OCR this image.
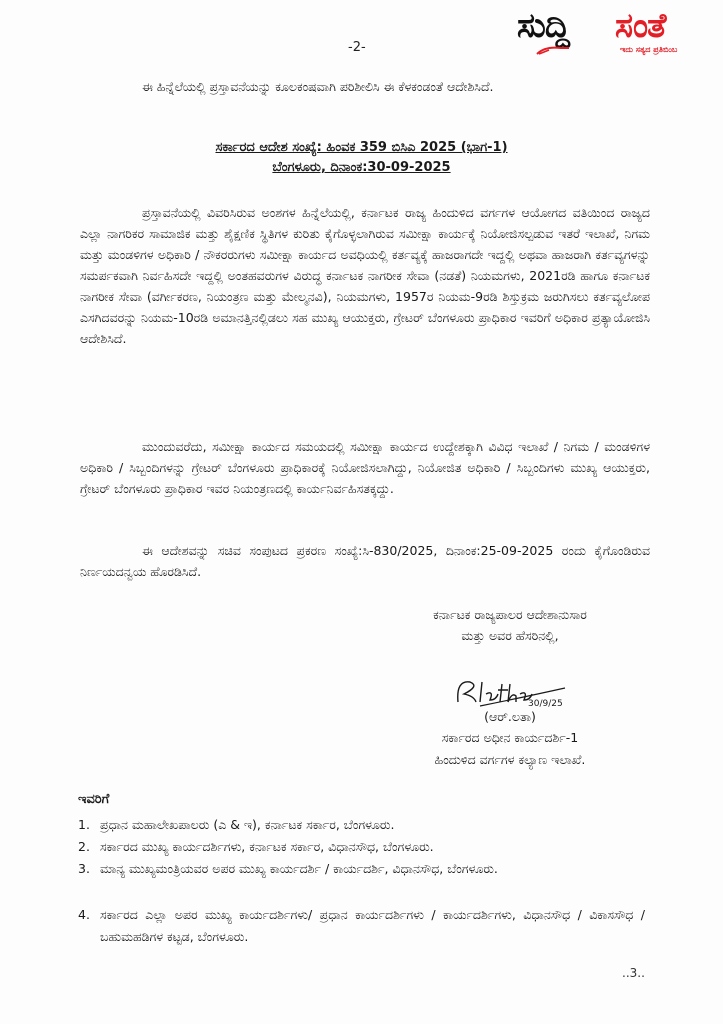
ಸುದ್ದಿ ಸಂತೆ
ಇದು ಸತ್ಯದ ಪ್ರತಿಬಿಂಬ
-2-
ಈ ಹಿನ್ನೆಲೆಯಲ್ಲಿ ಪ್ರಸ್ತಾವನೆಯನ್ನು ಕೂಲಕಂಷವಾಗಿ ಪರಿಶೀಲಿಸಿ ಈ ಕೆಳಕಂಡಂತೆ ಆದೇಶಿಸಿದೆ.
ಸರ್ಕಾರದ ಆದೇಶ ಸಂಖ್ಯೆ: ಹಿಂವಕ 359 ಬಿಸಿಎ 2025 (ಭಾಗ-1)
ಬೆಂಗಳೂರು, ದಿನಾಂಕ:30-09-2025
ಪ್ರಸ್ತಾವನೆಯಲ್ಲಿ ವಿವರಿಸಿರುವ ಅಂಶಗಳ ಹಿನ್ನೆಲೆಯಲ್ಲಿ, ಕರ್ನಾಟಕ ರಾಜ್ಯ ಹಿಂದುಳಿದ ವರ್ಗಗಳ ಆಯೋಗದ ವತಿಯಿಂದ ರಾಜ್ಯದ ಎಲ್ಲಾ ನಾಗರಿಕರ ಸಾಮಾಜಿಕ ಮತ್ತು ಶೈಕ್ಷಣಿಕ ಸ್ಥಿತಿಗಳ ಕುರಿತು ಕೈಗೊಳ್ಳಲಾಗಿರುವ ಸಮೀಕ್ಷಾ ಕಾರ್ಯಕ್ಕೆ ನಿಯೋಜಿಸಲ್ಪಡುವ ಇತರೆ ಇಲಾಖೆ, ನಿಗಮ ಮತ್ತು ಮಂಡಳಿಗಳ ಅಧಿಕಾರಿ / ನೌಕರರುಗಳು ಸಮೀಕ್ಷಾ ಕಾರ್ಯದ ಅವಧಿಯಲ್ಲಿ ಕರ್ತವ್ಯಕ್ಕೆ ಹಾಜರಾಗದೇ ಇದ್ದಲ್ಲಿ ಅಥವಾ ಹಾಜರಾಗಿ ಕರ್ತವ್ಯಗಳನ್ನು ಸಮರ್ಪಕವಾಗಿ ನಿರ್ವಹಿಸದೇ ಇದ್ದಲ್ಲಿ ಅಂತಹವರುಗಳ ವಿರುದ್ಧ ಕರ್ನಾಟಕ ನಾಗರೀಕ ಸೇವಾ (ನಡತೆ) ನಿಯಮಗಳು, 2021ರಡಿ ಹಾಗೂ ಕರ್ನಾಟಕ ನಾಗರೀಕ ಸೇವಾ (ವರ್ಗೀಕರಣ, ನಿಯಂತ್ರಣ ಮತ್ತು ಮೇಲ್ಮನವಿ), ನಿಯಮಗಳು, 1957ರ ನಿಯಮ-9ರಡಿ ಶಿಸ್ತುಕ್ರಮ ಜರುಗಿಸಲು ಕರ್ತವ್ಯಲೋಪ ಎಸಗಿದವರನ್ನು ನಿಯಮ-10ರಡಿ ಅಮಾನತ್ತಿನಲ್ಲಿಡಲು ಸಹ ಮುಖ್ಯ ಆಯುಕ್ತರು, ಗ್ರೇಟರ್ ಬೆಂಗಳೂರು ಪ್ರಾಧಿಕಾರ ಇವರಿಗೆ ಅಧಿಕಾರ ಪ್ರತ್ಯಾಯೋಜಿಸಿ ಆದೇಶಿಸಿದೆ.
ಮುಂದುವರೆದು, ಸಮೀಕ್ಷಾ ಕಾರ್ಯದ ಸಮಯದಲ್ಲಿ ಸಮೀಕ್ಷಾ ಕಾರ್ಯದ ಉದ್ದೇಶಕ್ಕಾಗಿ ವಿವಿಧ ಇಲಾಖೆ / ನಿಗಮ / ಮಂಡಳಿಗಳ ಅಧಿಕಾರಿ / ಸಿಬ್ಬಂದಿಗಳನ್ನು ಗ್ರೇಟರ್ ಬೆಂಗಳೂರು ಪ್ರಾಧಿಕಾರಕ್ಕೆ ನಿಯೋಜಿಸಲಾಗಿದ್ದು, ನಿಯೋಜಿತ ಅಧಿಕಾರಿ / ಸಿಬ್ಬಂದಿಗಳು ಮುಖ್ಯ ಆಯುಕ್ತರು, ಗ್ರೇಟರ್ ಬೆಂಗಳೂರು ಪ್ರಾಧಿಕಾರ ಇವರ ನಿಯಂತ್ರಣದಲ್ಲಿ ಕಾರ್ಯನಿರ್ವಹಿಸತಕ್ಕದ್ದು.
ಈ ಆದೇಶವನ್ನು ಸಚಿವ ಸಂಪುಟದ ಪ್ರಕರಣ ಸಂಖ್ಯೆ:ಸಿ-830/2025, ದಿನಾಂಕ:25-09-2025 ರಂದು ಕೈಗೊಂಡಿರುವ ನಿರ್ಣಯದನ್ವಯ ಹೊರಡಿಸಿದೆ.
ಕರ್ನಾಟಕ ರಾಜ್ಯಪಾಲರ ಆದೇಶಾನುಸಾರ
ಮತ್ತು ಅವರ ಹೆಸರಿನಲ್ಲಿ,
30/9/25
(ಆರ್.ಲತಾ)
ಸರ್ಕಾರದ ಅಧೀನ ಕಾರ್ಯದರ್ಶಿ-1
ಹಿಂದುಳಿದ ವರ್ಗಗಳ ಕಲ್ಯಾಣ ಇಲಾಖೆ.
ಇವರಿಗೆ
1. ಪ್ರಧಾನ ಮಹಾಲೇಖಪಾಲರು (ಎ & ಇ), ಕರ್ನಾಟಕ ಸರ್ಕಾರ, ಬೆಂಗಳೂರು.
2. ಸರ್ಕಾರದ ಮುಖ್ಯ ಕಾರ್ಯದರ್ಶಿಗಳು, ಕರ್ನಾಟಕ ಸರ್ಕಾರ, ವಿಧಾನಸೌಧ, ಬೆಂಗಳೂರು.
3. ಮಾನ್ಯ ಮುಖ್ಯಮಂತ್ರಿಯವರ ಅಪರ ಮುಖ್ಯ ಕಾರ್ಯದರ್ಶಿ / ಕಾರ್ಯದರ್ಶಿ, ವಿಧಾನಸೌಧ, ಬೆಂಗಳೂರು.
4. ಸರ್ಕಾರದ ಎಲ್ಲಾ ಅಪರ ಮುಖ್ಯ ಕಾರ್ಯದರ್ಶಿಗಳು/ ಪ್ರಧಾನ ಕಾರ್ಯದರ್ಶಿಗಳು / ಕಾರ್ಯದರ್ಶಿಗಳು, ವಿಧಾನಸೌಧ / ವಿಕಾಸಸೌಧ / ಬಹುಮಹಡಿಗಳ ಕಟ್ಟಡ, ಬೆಂಗಳೂರು.
..3..
